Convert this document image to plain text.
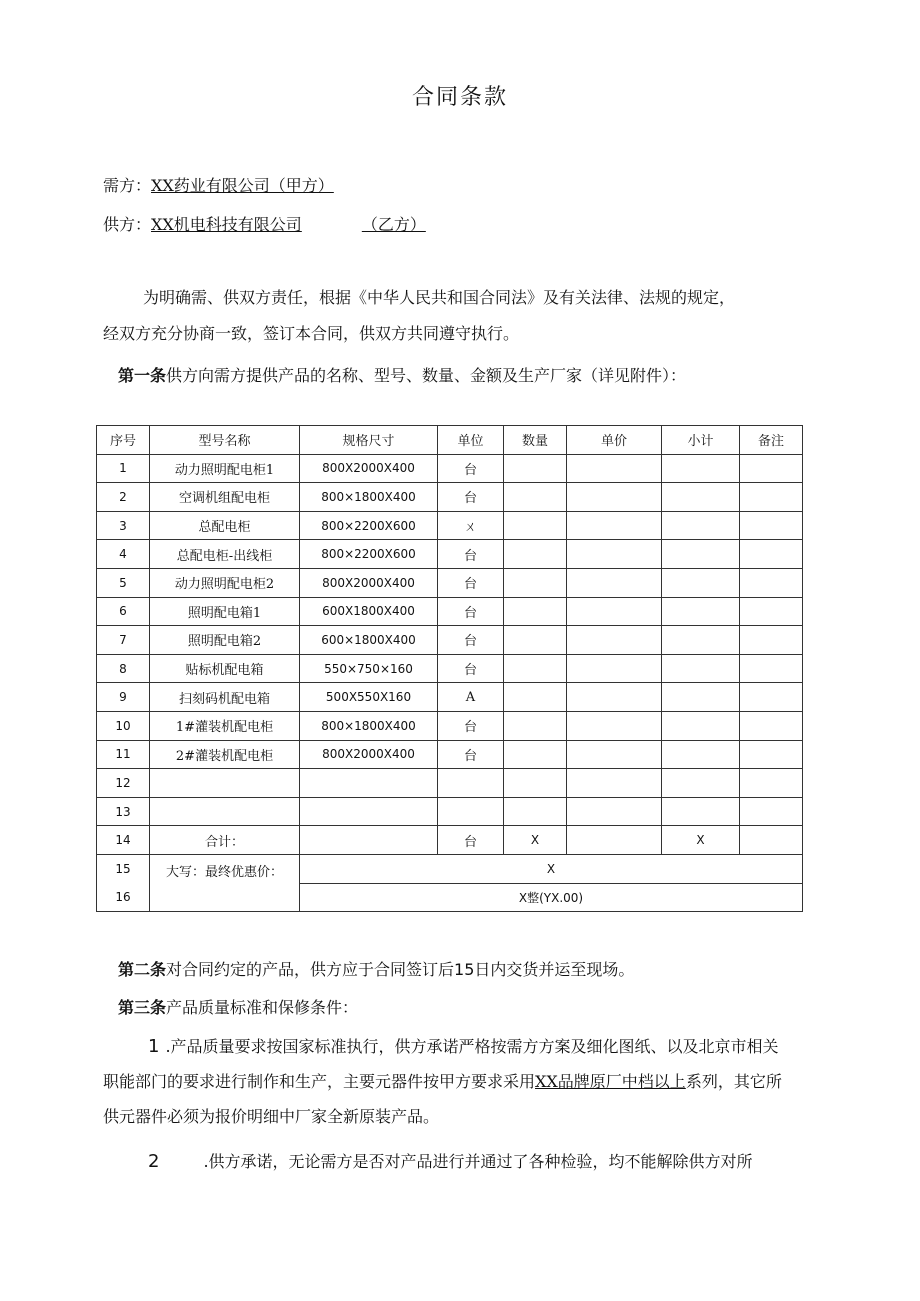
合同条款
需方：XX药业有限公司（甲方）
供方：XX机电科技有限公司	（乙方）
为明确需、供双方责任，根据《中华人民共和国合同法》及有关法律、法规的规定，
经双方充分协商一致，签订本合同，供双方共同遵守执行。
第一条供方向需方提供产品的名称、型号、数量、金额及生产厂家（详见附件）：
序号	型号名称	规格尺寸	单位	数量	单价	小计	备注
1	动力照明配电柜1	800X2000X400	台				
2	空调机组配电柜	800×1800X400	台				
3	总配电柜	800×2200X600	ㄨ				
4	总配电柜-出线柜	800×2200X600	台				
5	动力照明配电柜2	800X2000X400	台				
6	照明配电箱1	600X1800X400	台				
7	照明配电箱2	600×1800X400	台				
8	贴标机配电箱	550×750×160	台				
9	扫刻码机配电箱	500X550X160	Α				
10	1#灌装机配电柜	800×1800X400	台				
11	2#灌装机配电柜	800X2000X400	台				
12							
13							
14	合计：		台	X		X	
15	大写：最终优惠价：	X					
16		X整(YX.00)					
第二条对合同约定的产品，供方应于合同签订后15日内交货并运至现场。
第三条产品质量标准和保修条件：
1 .产品质量要求按国家标准执行，供方承诺严格按需方方案及细化图纸、以及北京市相关
职能部门的要求进行制作和生产，主要元器件按甲方要求采用XX品牌原厂中档以上系列，其它所
供元器件必须为报价明细中厂家全新原装产品。
2	.供方承诺，无论需方是否对产品进行并通过了各种检验，均不能解除供方对所
